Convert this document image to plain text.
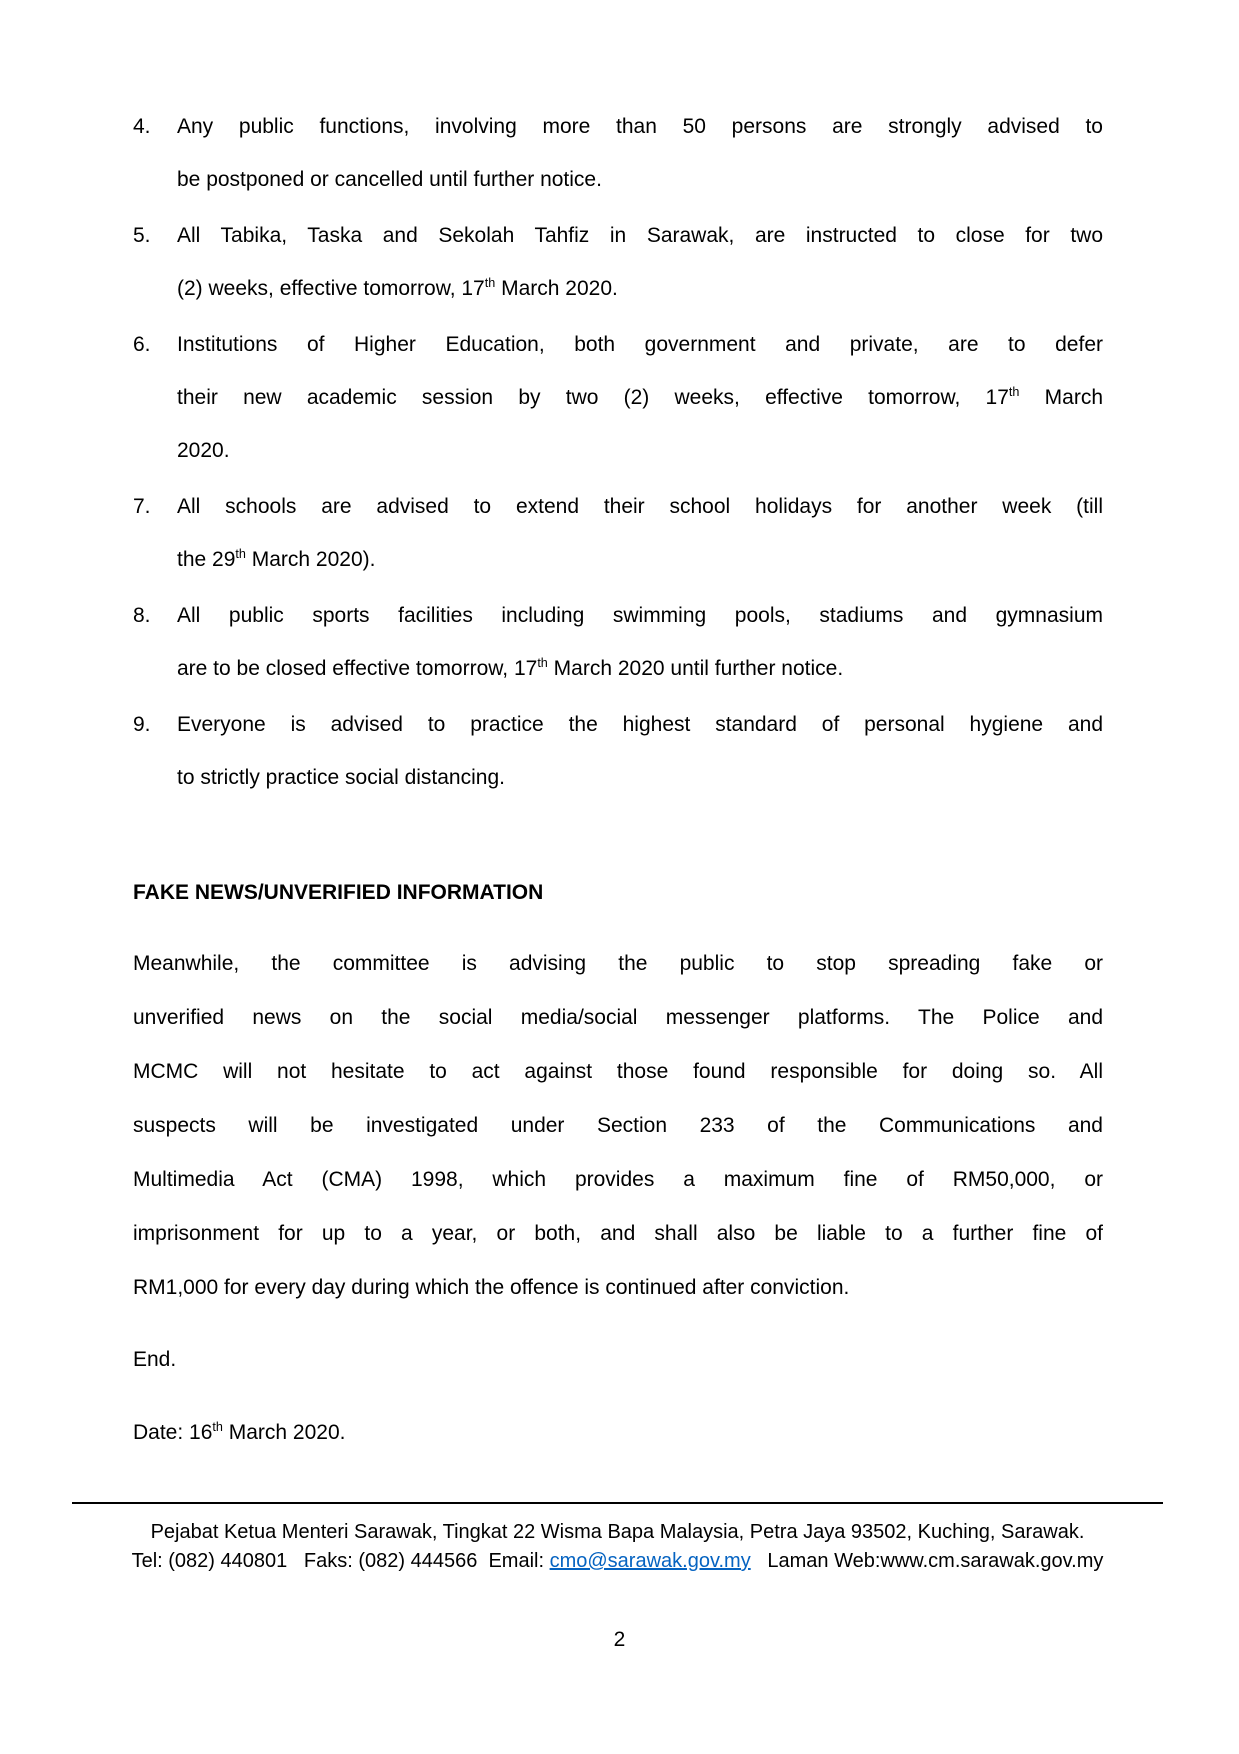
4.	Any public functions, involving more than 50 persons are strongly advised to
be postponed or cancelled until further notice.
5.	All Tabika, Taska and Sekolah Tahfiz in Sarawak, are instructed to close for two
(2) weeks, effective tomorrow, 17th March 2020.
6.	Institutions of Higher Education, both government and private, are to defer
their new academic session by two (2) weeks, effective tomorrow, 17th March
2020.
7.	All schools are advised to extend their school holidays for another week (till
the 29th March 2020).
8.	All public sports facilities including swimming pools, stadiums and gymnasium
are to be closed effective tomorrow, 17th March 2020 until further notice.
9.	Everyone is advised to practice the highest standard of personal hygiene and
to strictly practice social distancing.
FAKE NEWS/UNVERIFIED INFORMATION
Meanwhile, the committee is advising the public to stop spreading fake or
unverified news on the social media/social messenger platforms. The Police and
MCMC will not hesitate to act against those found responsible for doing so. All
suspects will be investigated under Section 233 of the Communications and
Multimedia Act (CMA) 1998, which provides a maximum fine of RM50,000, or
imprisonment for up to a year, or both, and shall also be liable to a further fine of
RM1,000 for every day during which the offence is continued after conviction.
End.
Date: 16th March 2020.
Pejabat Ketua Menteri Sarawak, Tingkat 22 Wisma Bapa Malaysia, Petra Jaya 93502, Kuching, Sarawak.
Tel: (082) 440801   Faks: (082) 444566  Email: cmo@sarawak.gov.my   Laman Web:www.cm.sarawak.gov.my
2
